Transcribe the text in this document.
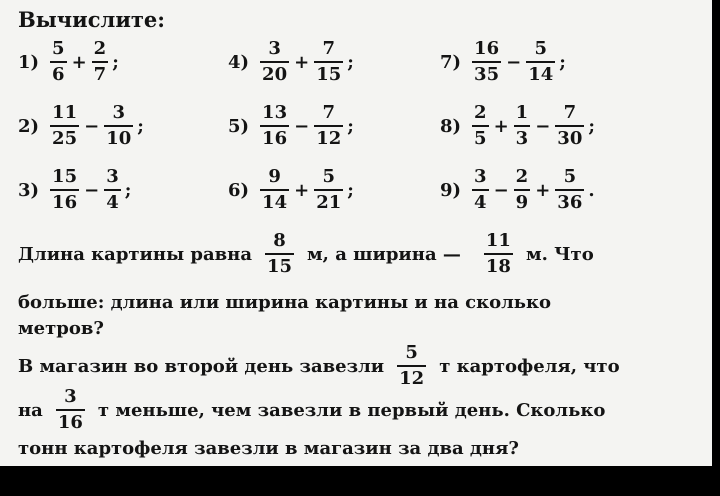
Вычислите:
$1) \frac{5}{6} + \frac{2}{7}$ ;	$4) \frac{3}{20} + \frac{7}{15}$ ;	$7) \frac{16}{35} - \frac{5}{14}$ ;
$2) \frac{11}{25} - \frac{3}{10}$ ;	$5) \frac{13}{16} - \frac{7}{12}$ ;	$8) \frac{2}{5} + \frac{1}{3} - \frac{7}{30}$ ;
$3) \frac{15}{16} - \frac{3}{4}$ ;	$6) \frac{9}{14} + \frac{5}{21}$ ;	$9) \frac{3}{4} - \frac{2}{9} + \frac{5}{36}$ .
Длина картины равна $\frac{8}{15} м$, а ширина — $\frac{11}{18} м$. Что
больше: длина или ширина картины и на сколько
метров?
В магазин во второй день завезли $\frac{5}{12}$ т картофеля, что
на $\frac{3}{16}$ т меньше, чем завезли в первый день. Сколько
тонн картофеля завезли в магазин за два дня?
